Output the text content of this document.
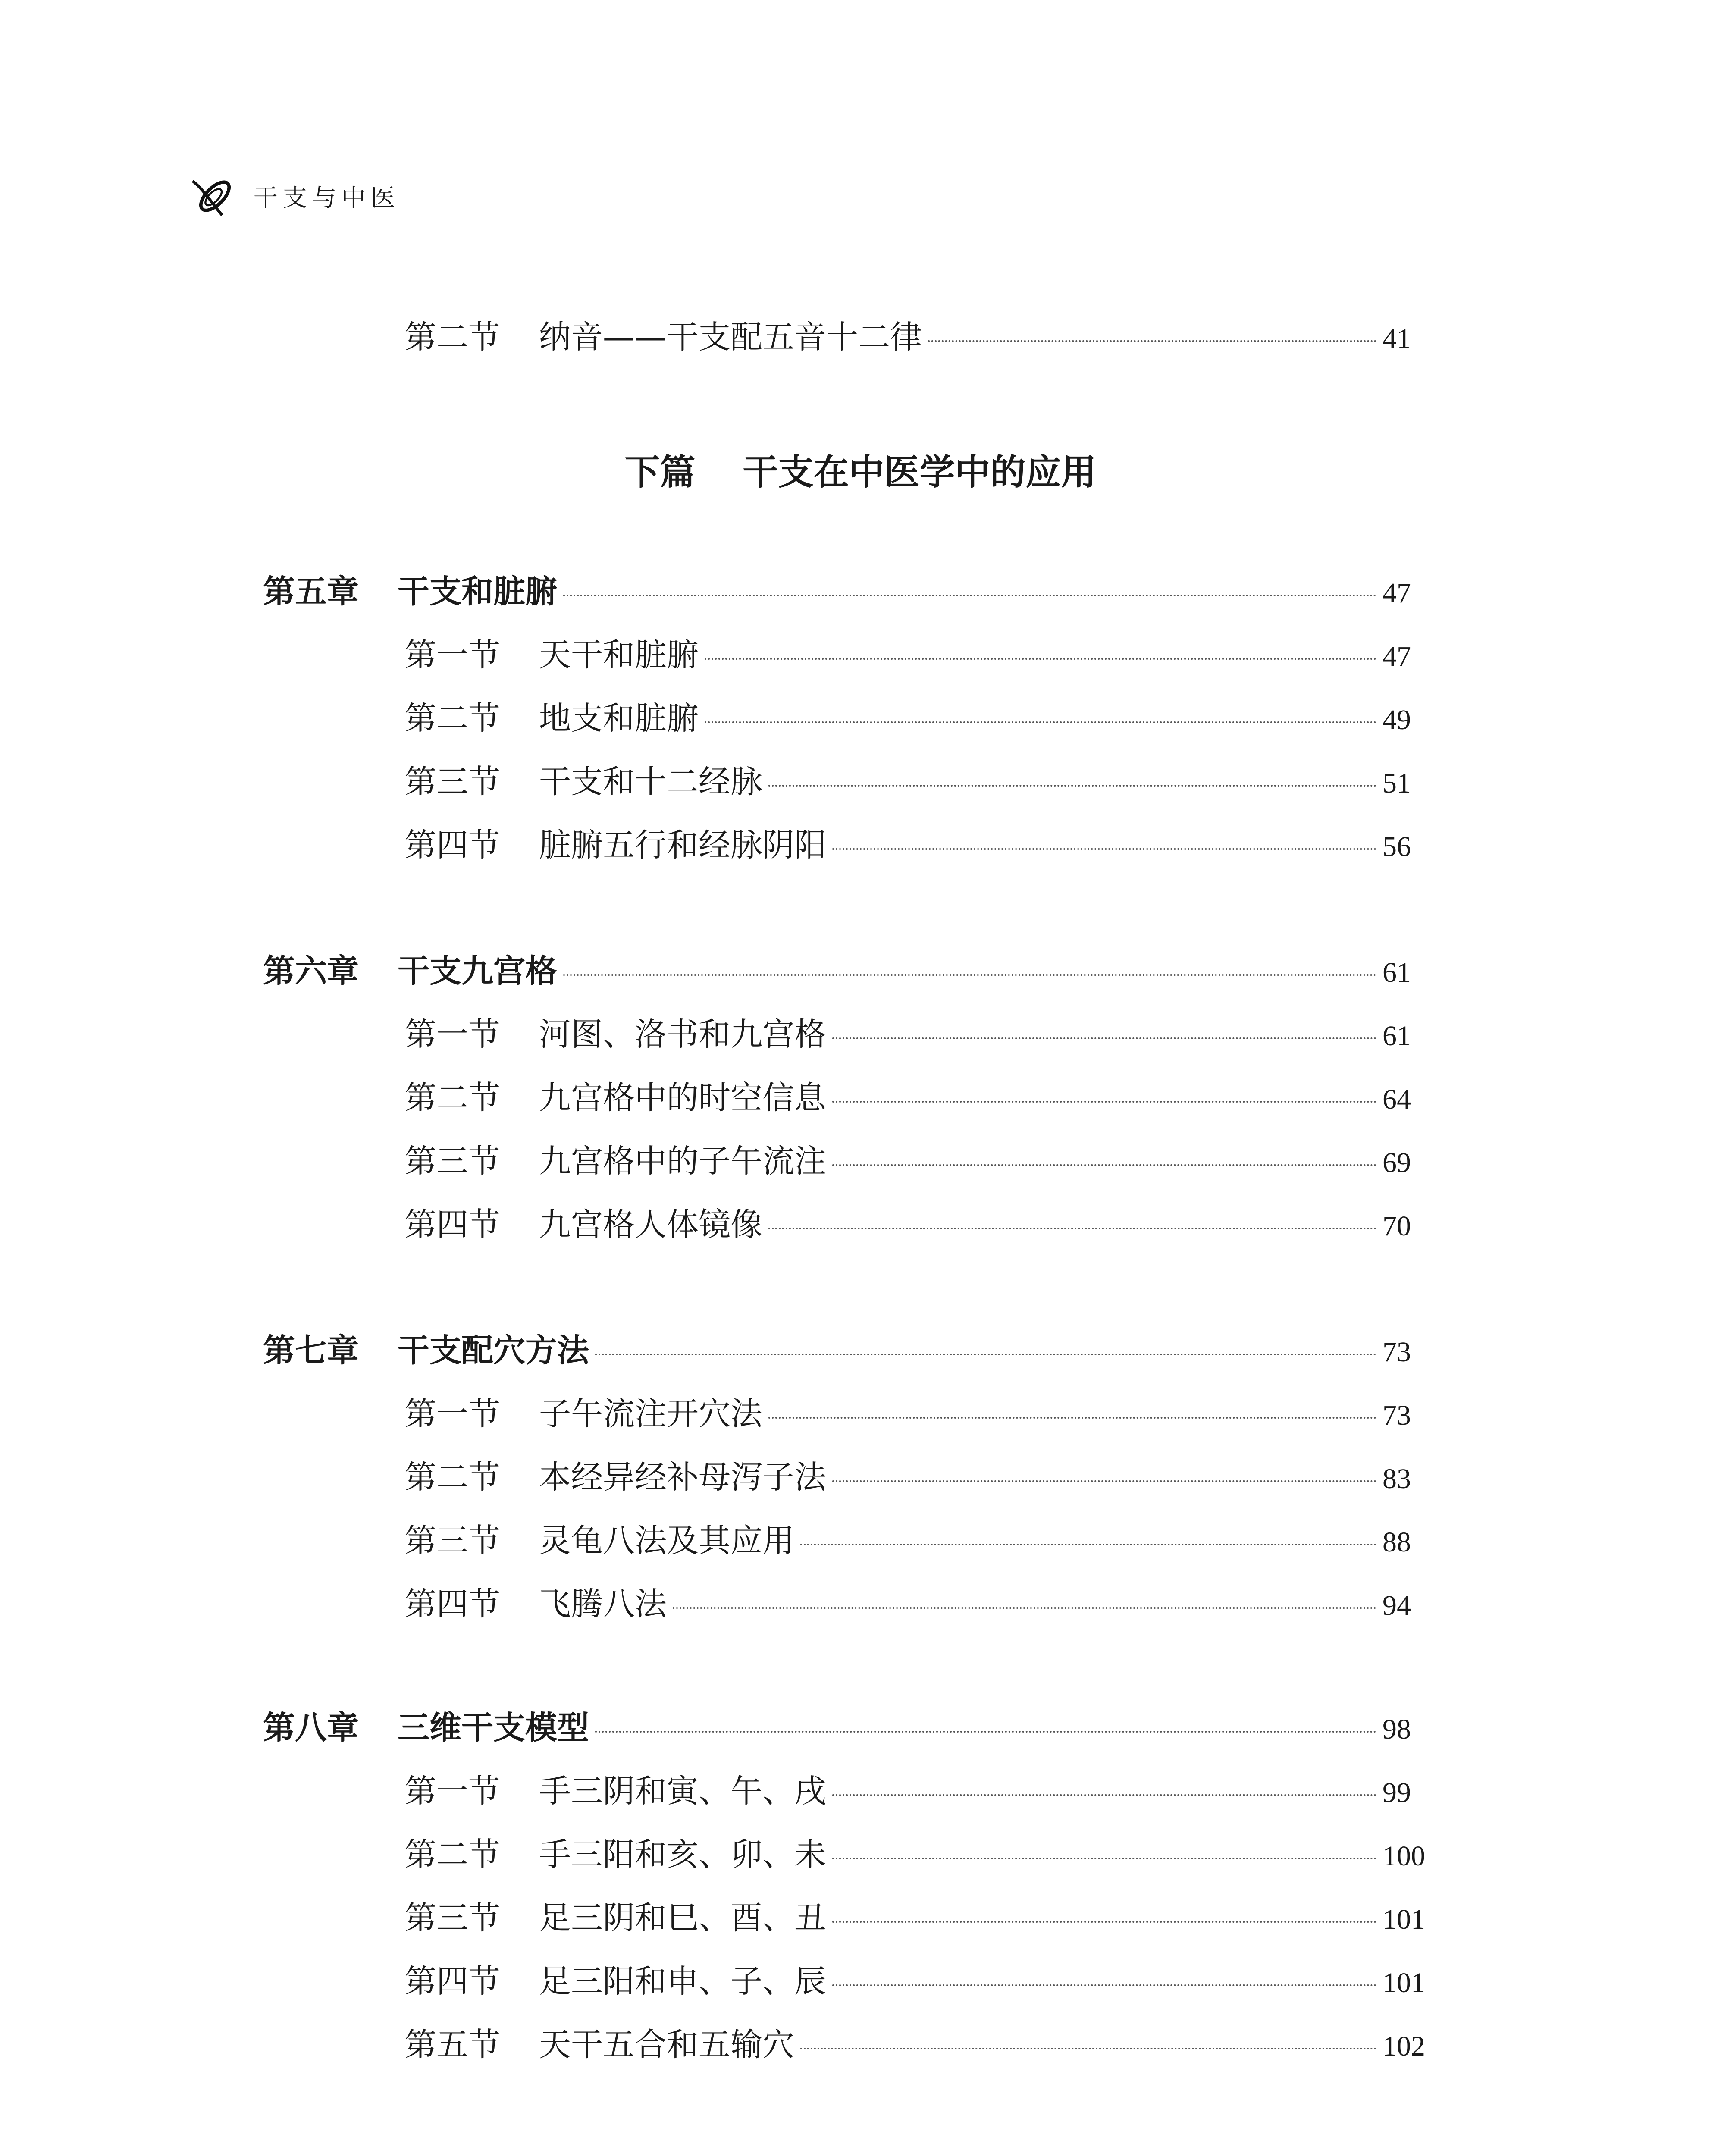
干支与中医
第二节 纳音——干支配五音十二律	41
下篇 干支在中医学中的应用
第五章 干支和脏腑	47
第一节 天干和脏腑	47
第二节 地支和脏腑	49
第三节 干支和十二经脉	51
第四节 脏腑五行和经脉阴阳	56
第六章 干支九宫格	61
第一节 河图、洛书和九宫格	61
第二节 九宫格中的时空信息	64
第三节 九宫格中的子午流注	69
第四节 九宫格人体镜像	70
第七章 干支配穴方法	73
第一节 子午流注开穴法	73
第二节 本经异经补母泻子法	83
第三节 灵龟八法及其应用	88
第四节 飞腾八法	94
第八章 三维干支模型	98
第一节 手三阴和寅、午、戌	99
第二节 手三阳和亥、卯、未	100
第三节 足三阴和巳、酉、丑	101
第四节 足三阳和申、子、辰	101
第五节 天干五合和五输穴	102
